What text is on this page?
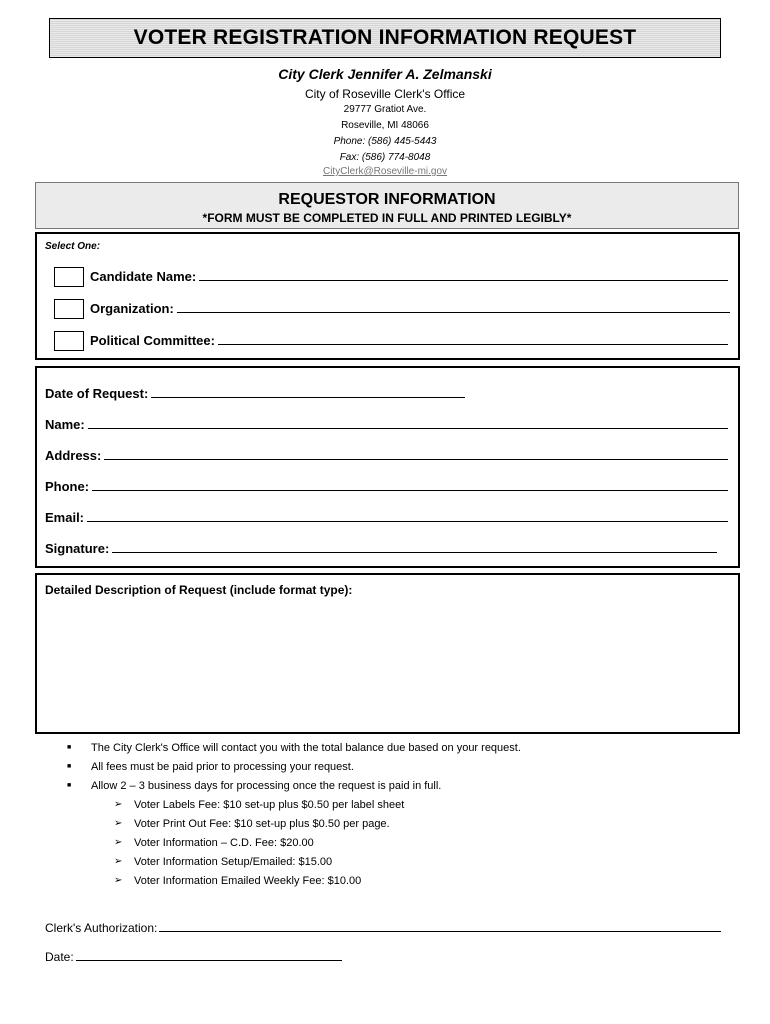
VOTER REGISTRATION INFORMATION REQUEST
City Clerk Jennifer A. Zelmanski
City of Roseville Clerk's Office
29777 Gratiot Ave.
Roseville, MI 48066
Phone: (586) 445-5443
Fax: (586) 774-8048
CityClerk@Roseville-mi.gov
REQUESTOR INFORMATION
*FORM MUST BE COMPLETED IN FULL AND PRINTED LEGIBLY*
Select One:
Candidate Name:
Organization:
Political Committee:
Date of Request:
Name:
Address:
Phone:
Email:
Signature:
Detailed Description of Request (include format type):
■	The City Clerk's Office will contact you with the total balance due based on your request.
■	All fees must be paid prior to processing your request.
■	Allow 2 – 3 business days for processing once the request is paid in full.
➢	Voter Labels Fee: $10 set-up plus $0.50 per label sheet
➢	Voter Print Out Fee: $10 set-up plus $0.50 per page.
➢	Voter Information – C.D. Fee: $20.00
➢	Voter Information Setup/Emailed: $15.00
➢	Voter Information Emailed Weekly Fee: $10.00
Clerk's Authorization:
Date:
